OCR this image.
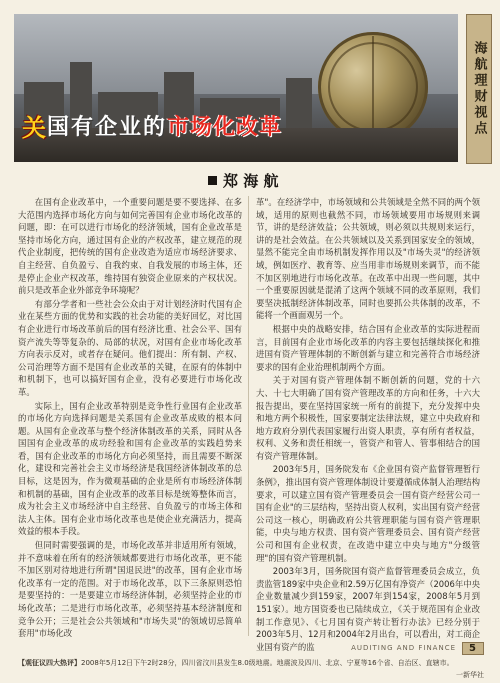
关 国有企业的 市场化改革	海航理财视点
郑 海 航

在国有企业改革中，一个重要问题是要不要选择、在多大范围内选择市场化方向与如何完善国有企业市场化改革的问题，即：在可以进行市场化的经济领域，国有企业改革是坚持市场化方向，通过国有企业的产权改革，建立规范的现代企业制度，把传统的国有企业改造为适应市场经济要求、自主经营、自负盈亏、自我约束、自我发展的市场主体，还是停止企业产权改革，维持国有独资企业原来的产权状况。前只是改革企业外部竞争环境呢？

有部分学者和一些社会公众由于对计划经济时代国有企业在某些方面的优势和实践的社会功能的美好回忆，对比国有企业进行市场改革前后的国有经济比重、社会公平、国有资产流失等等复杂的、局部的状况，对国有企业市场化改革方向表示反对，或者存在疑问。他们提出：所有制、产权、公司治理等方面不是国有企业改革的关键，在原有的体制中和机制下，也可以搞好国有企业，没有必要进行市场化改革。

实际上，国有企业改革特别是竞争性行业国有企业改革的市场化方向选择问题是关系国有企业改革成败的根本问题。从国有企业改革与整个经济体制改革的关系，同时从各国国有企业改革的成功经验和国有企业改革的实践趋势来看，国有企业改革的市场化方向必须坚持，而且需要不断深化，建设和完善社会主义市场经济是我国经济体制改革的总目标，这是因为，作为微观基础的企业是所有市场经济体制和机制的基础，国有企业改革的改革目标是统筹整体而言，成为社会主义市场经济中自主经营、自负盈亏的市场主体和法人主体。国有企业市场化改革也是使企业充满活力，提高效益的根本手段。

但同时需要强调的是，市场化改革并非适用所有领域，并不意味着在所有的经济领域都要进行市场化改革，更不能不加区别对待地进行所谓"国退民进"的改革，国有企业市场化改革有一定的范围。对于市场化改革，以下三条原则恐怕是要坚持的：一是要建立市场经济体制，必须坚持企业的市场化改革；二是进行市场化改革，必须坚持基本经济制度和竞争公开；三是社会公共领域和"市场失灵"的领域切忌简单套用"市场化改

革"。在经济学中，市场领域和公共领域是全然不同的两个领域，适用的原则也截然不同，市场领域要用市场规则来调节，讲的是经济效益；公共领域，则必须以共规则来运行，讲的是社会效益。在公共领域以及关系到国家安全的领域，显然不能完全由市场机制发挥作用以及"市场失灵"的经济领域，例如医疗、教育等、应当用非市场规则来调节，而不能不加区别地进行市场化改革。在改革中出现一些问题，其中一个重要原因就是混淆了这两个领域不同的改革原则，我们要坚决抵制经济体制改革，同时也要抓公共体制的改革，不能将一个画面观另一个。

根据中央的战略安排，结合国有企业改革的实际进程而言，目前国有企业市场化改革的内容主要包括继续探化和推进国有资产管理体制的不断创新与建立和完善符合市场经济要求的国有企业治理机制两个方面。

关于对国有资产管理体制不断创新的问题，党的十六大、十七大明确了国有资产管理改革的方向和任务，十六大报告提出，要在坚持国家统一所有的前提下，充分发挥中央和地方两个积极性，国家要制定法律法规，建立中央政府和地方政府分别代表国家履行出资人职责，享有所有者权益，权利、义务和责任相统一，管资产和管人、管事相结合的国有资产管理体制。

2003年5月，国务院发布《企业国有资产监督管理暂行条例》，推出国有资产管理体制设计要遵循成体制人治理结构要求，可以建立国有资产管理委员会一国有资产经营公司一国有企业"的三层结构，坚持出资人权利，实出国有资产经营公司这一核心，明确政府公共管理职能与国有资产管理职能，中央与地方权责、国有资产管理委员会、国有资产经营公司和国有企业权责，在改造中建立中央与地方"分级管理"的国有资产管理机制。

2003年3月，国务院国有资产监督管理委员会成立，负责监管189家中央企业和2.59万亿国有净资产（2006年中央企业数量减少到159家，2007年到154家，2008年5月到151家）。地方国资委也已陆续成立，《关于规范国有企业改制工作意见》、《七月国有资产转让暂行办法》已经分别于2003年5月、12月和2004年2月出台，可以看出，对工商企业国有资产的监	AUDITING AND FINANCE	5
【观征议四大热评】2008年5月12日下午2时28分，四川省汶川县发生8.0级地震。地震波及四川、北京、宁夏等16个省、自治区、直辖市。
一新华社
